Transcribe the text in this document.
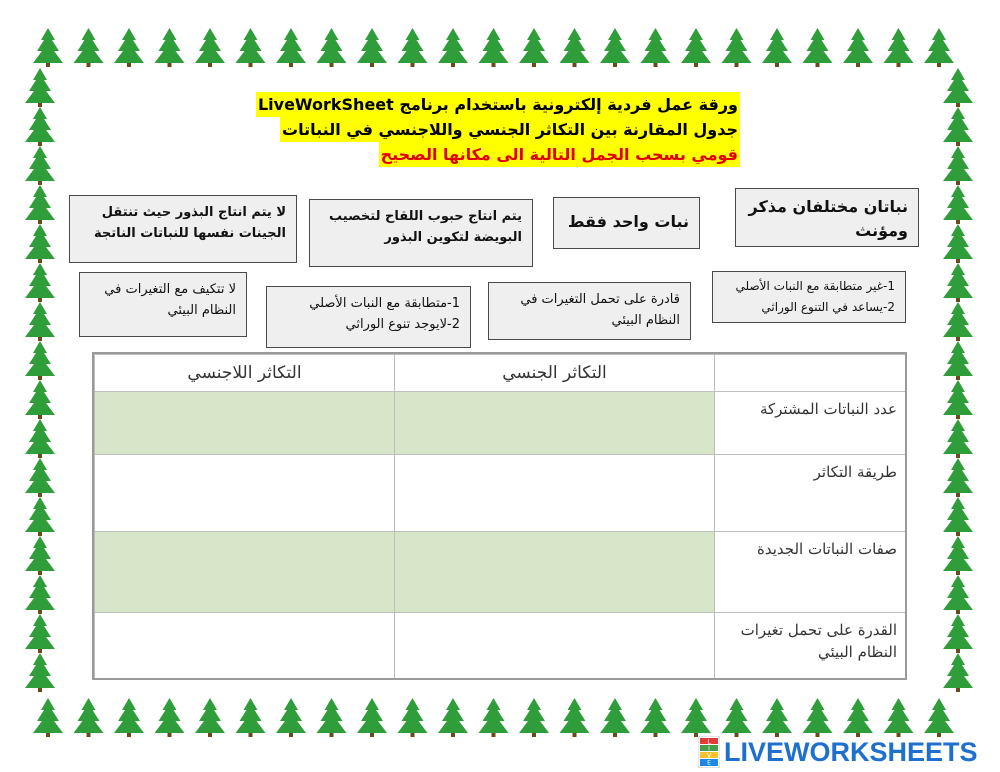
ورقة عمل فردية إلكترونية باستخدام برنامج LiveWorkSheet
جدول المقارنة بين التكاثر الجنسي واللاجنسي في النباتات
قومي بسحب الجمل التالية الى مكانها الصحيح
نباتان مختلفان مذكر ومؤنث
نبات واحد فقط
يتم انتاج حبوب اللقاح لتخصيب البويضة لتكوين البذور
لا يتم انتاج البذور حيث تنتقل الجينات نفسها للنباتات الناتجة
1-غير متطابقة مع النبات الأصلي
2-يساعد في التنوع الوراثي
قادرة على تحمل التغيرات في النظام البيئي
1-متطابقة مع النبات الأصلي
2-لايوجد تنوع الوراثي
لا تتكيف مع التغيرات في النظام البيئي
	التكاثر الجنسي	التكاثر اللاجنسي
عدد النباتات المشتركة		
طريقة التكاثر		
صفات النباتات الجديدة		
القدرة على تحمل تغيرات النظام البيئي		
L
I
V
E LIVEWORKSHEETS
